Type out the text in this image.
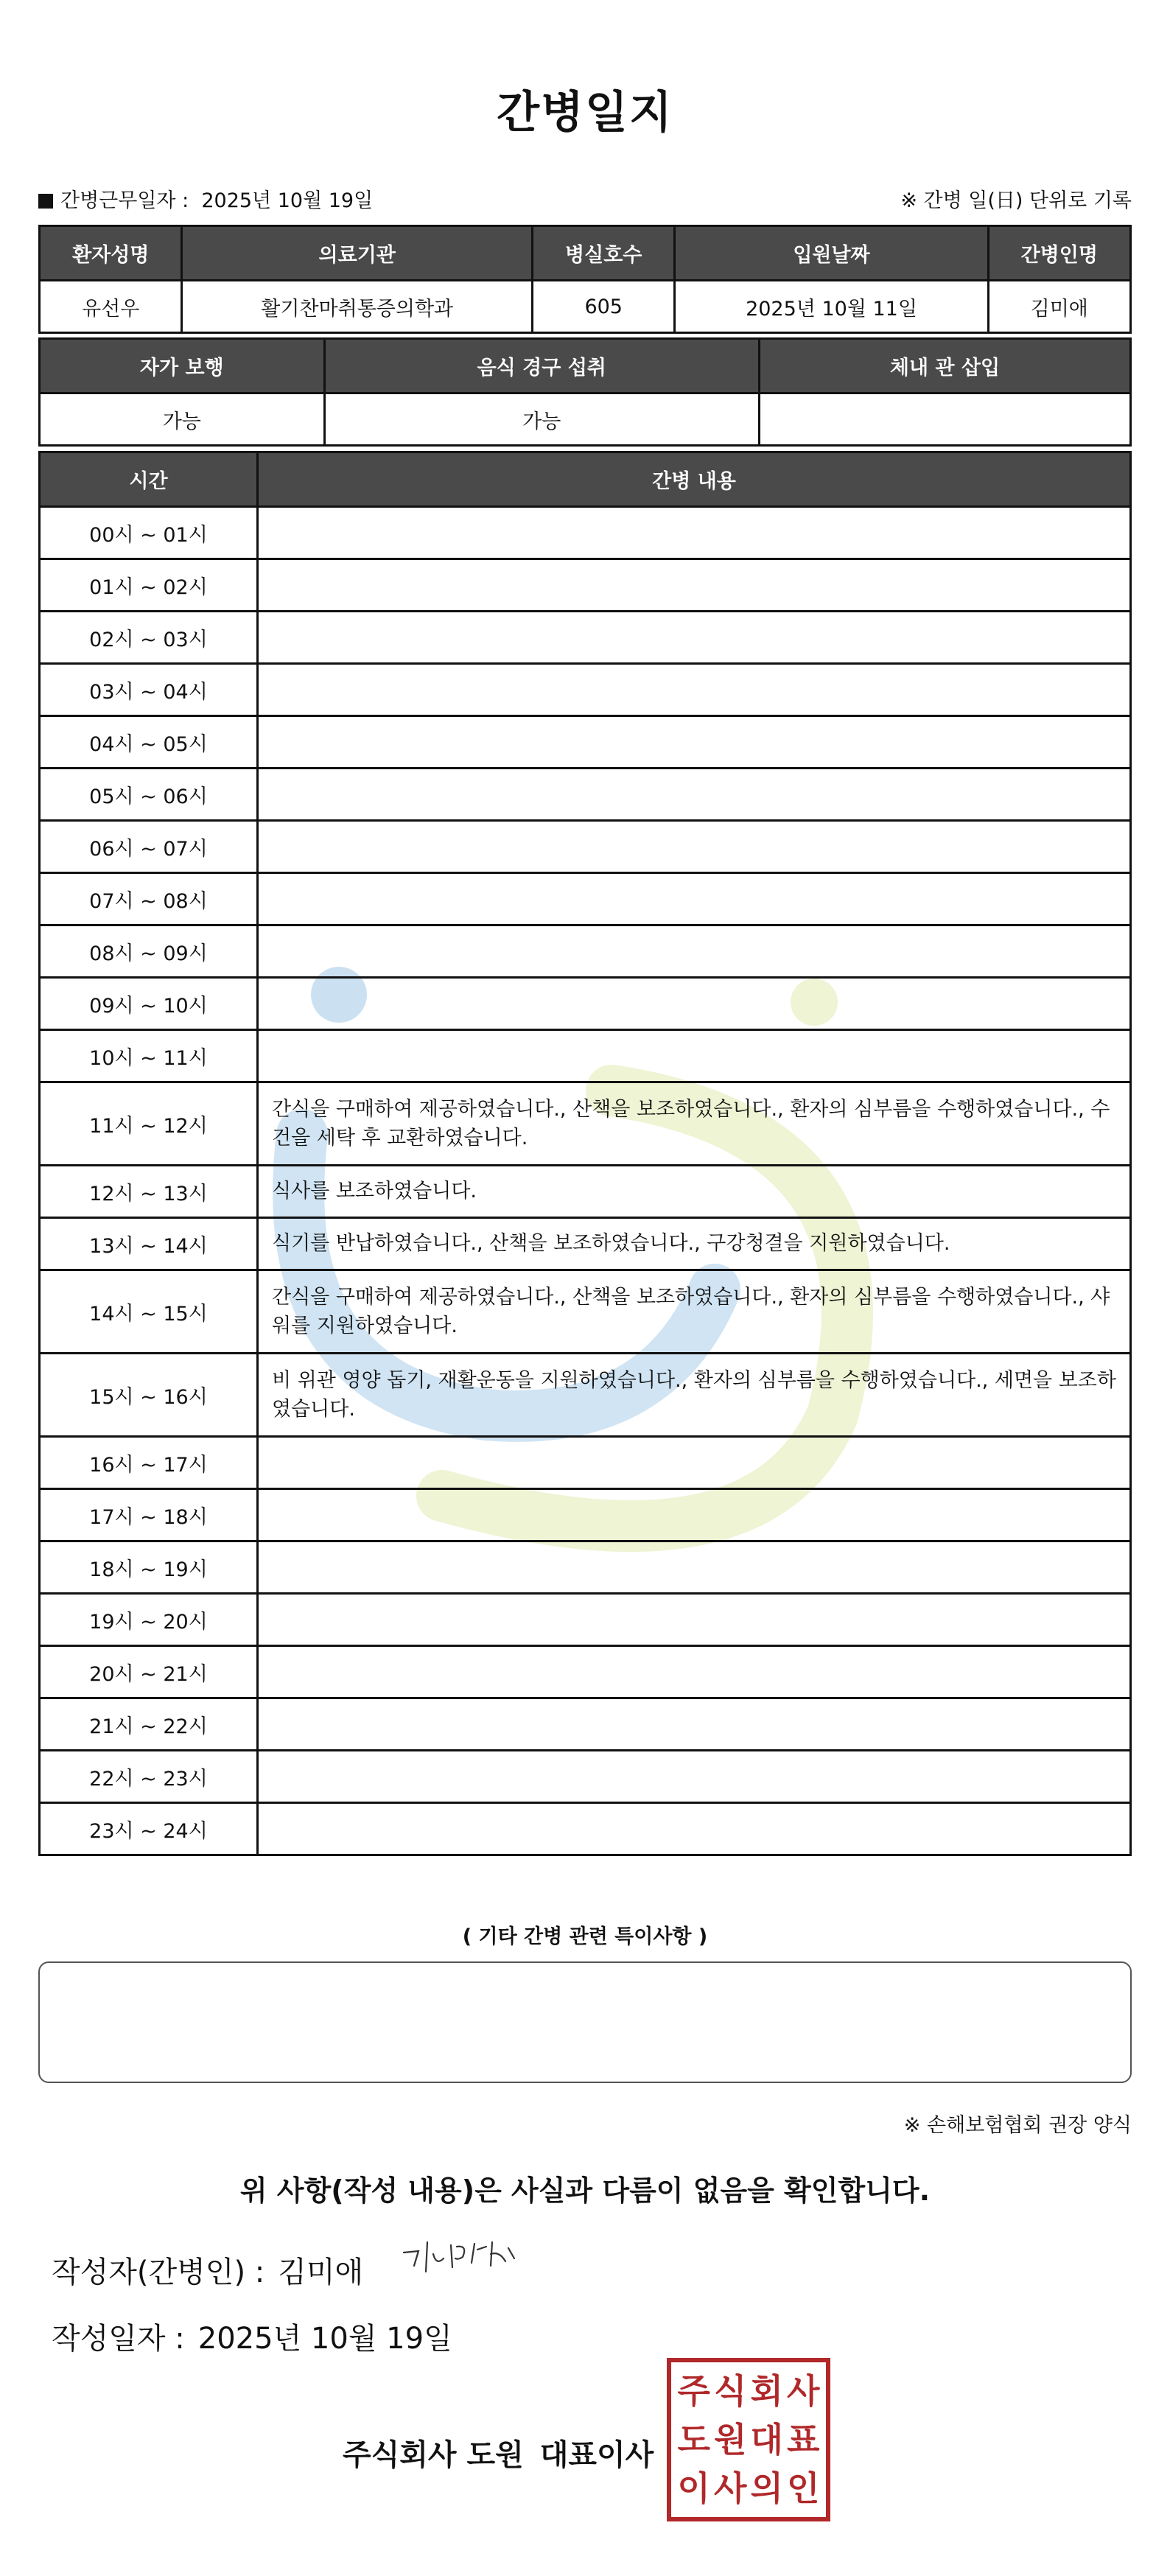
간병일지
간병근무일자 : 2025년 10월 19일	※ 간병 일(日) 단위로 기록
환자성명	의료기관	병실호수	입원날짜	간병인명
유선우	활기찬마취통증의학과	605	2025년 10월 11일	김미애
자가 보행	음식 경구 섭취	체내 관 삽입
가능	가능	
시간	간병 내용
00시 ~ 01시	
01시 ~ 02시	
02시 ~ 03시	
03시 ~ 04시	
04시 ~ 05시	
05시 ~ 06시	
06시 ~ 07시	
07시 ~ 08시	
08시 ~ 09시	
09시 ~ 10시	
10시 ~ 11시	
11시 ~ 12시	간식을 구매하여 제공하였습니다., 산책을 보조하였습니다., 환자의 심부름을 수행하였습니다., 수건을 세탁 후 교환하였습니다.
12시 ~ 13시	식사를 보조하였습니다.
13시 ~ 14시	식기를 반납하였습니다., 산책을 보조하였습니다., 구강청결을 지원하였습니다.
14시 ~ 15시	간식을 구매하여 제공하였습니다., 산책을 보조하였습니다., 환자의 심부름을 수행하였습니다., 샤워를 지원하였습니다.
15시 ~ 16시	비 위관 영양 돕기, 재활운동을 지원하였습니다., 환자의 심부름을 수행하였습니다., 세면을 보조하였습니다.
16시 ~ 17시	
17시 ~ 18시	
18시 ~ 19시	
19시 ~ 20시	
20시 ~ 21시	
21시 ~ 22시	
22시 ~ 23시	
23시 ~ 24시	
( 기타 간병 관련 특이사항 )
※ 손해보험협회 권장 양식
위 사항(작성 내용)은 사실과 다름이 없음을 확인합니다.
작성자(간병인) : 김미애
작성일자 : 2025년 10월 19일
주식회사 도원 대표이사
주 식 회 사
도 원 대 표
이 사 의 인
